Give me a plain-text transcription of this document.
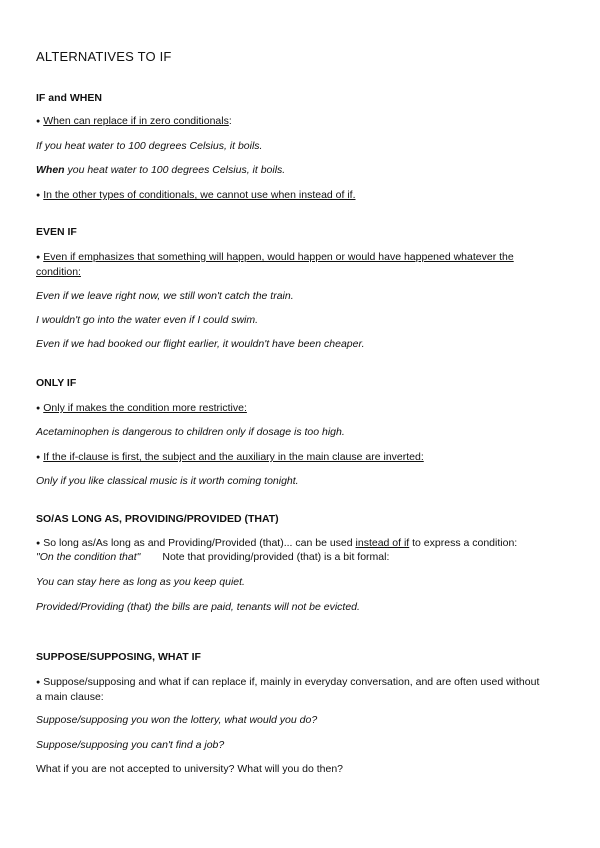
ALTERNATIVES TO IF

IF and WHEN

● When can replace if in zero conditionals:

If you heat water to 100 degrees Celsius, it boils.

When you heat water to 100 degrees Celsius, it boils.

● In the other types of conditionals, we cannot use when instead of if.

EVEN IF

● Even if emphasizes that something will happen, would happen or would have happened whatever the condition:

Even if we leave right now, we still won't catch the train.

I wouldn't go into the water even if I could swim.

Even if we had booked our flight earlier, it wouldn't have been cheaper.

ONLY IF

● Only if makes the condition more restrictive:

Acetaminophen is dangerous to children only if dosage is too high.

● If the if-clause is first, the subject and the auxiliary in the main clause are inverted:

Only if you like classical music is it worth coming tonight.

SO/AS LONG AS, PROVIDING/PROVIDED (THAT)

● So long as/As long as and Providing/Provided (that)... can be used instead of if to express a condition:

"On the condition that" Note that providing/provided (that) is a bit formal:

You can stay here as long as you keep quiet.

Provided/Providing (that) the bills are paid, tenants will not be evicted.

SUPPOSE/SUPPOSING, WHAT IF

● Suppose/supposing and what if can replace if, mainly in everyday conversation, and are often used without a main clause:

Suppose/supposing you won the lottery, what would you do?

Suppose/supposing you can't find a job?

What if you are not accepted to university? What will you do then?
